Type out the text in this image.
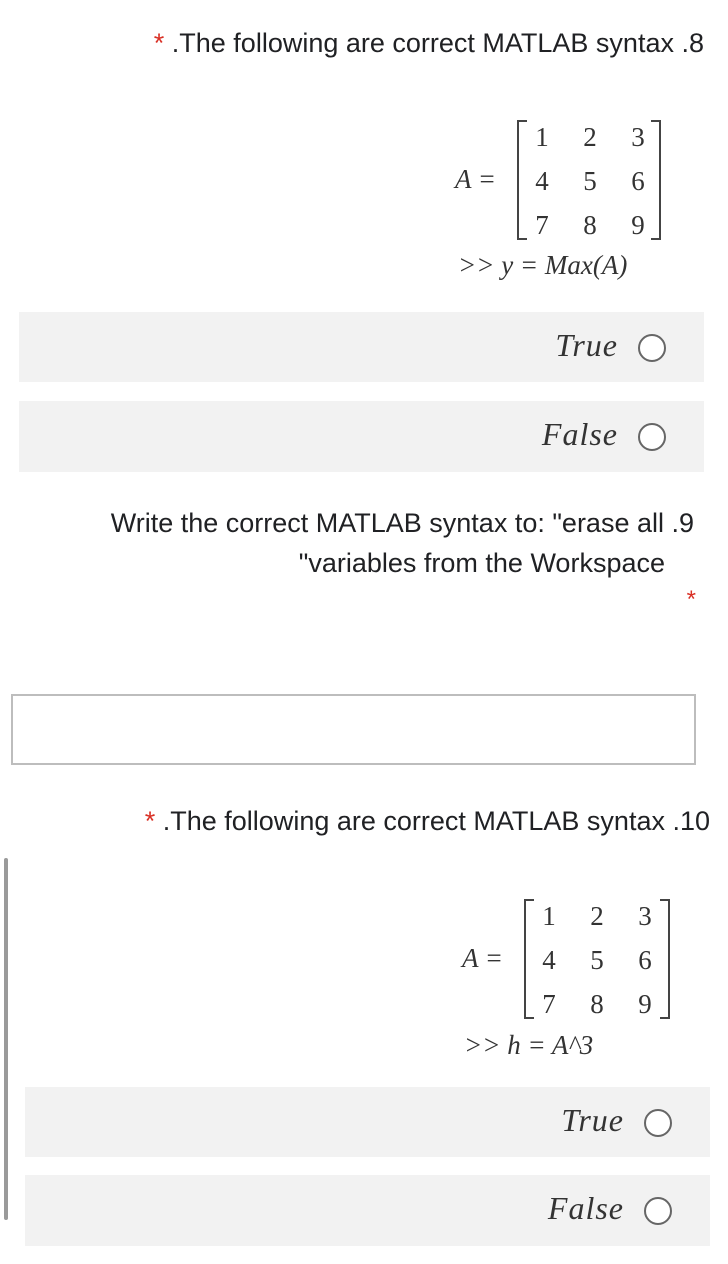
* .The following are correct MATLAB syntax .8
A =
1	2	3
4	5	6
7	8	9
>> y = Max(A)
True
False
Write the correct MATLAB syntax to: "erase all .9
"variables from the Workspace
*
* .The following are correct MATLAB syntax .10
A =
1	2	3
4	5	6
7	8	9
>> h = A^3
True
False
